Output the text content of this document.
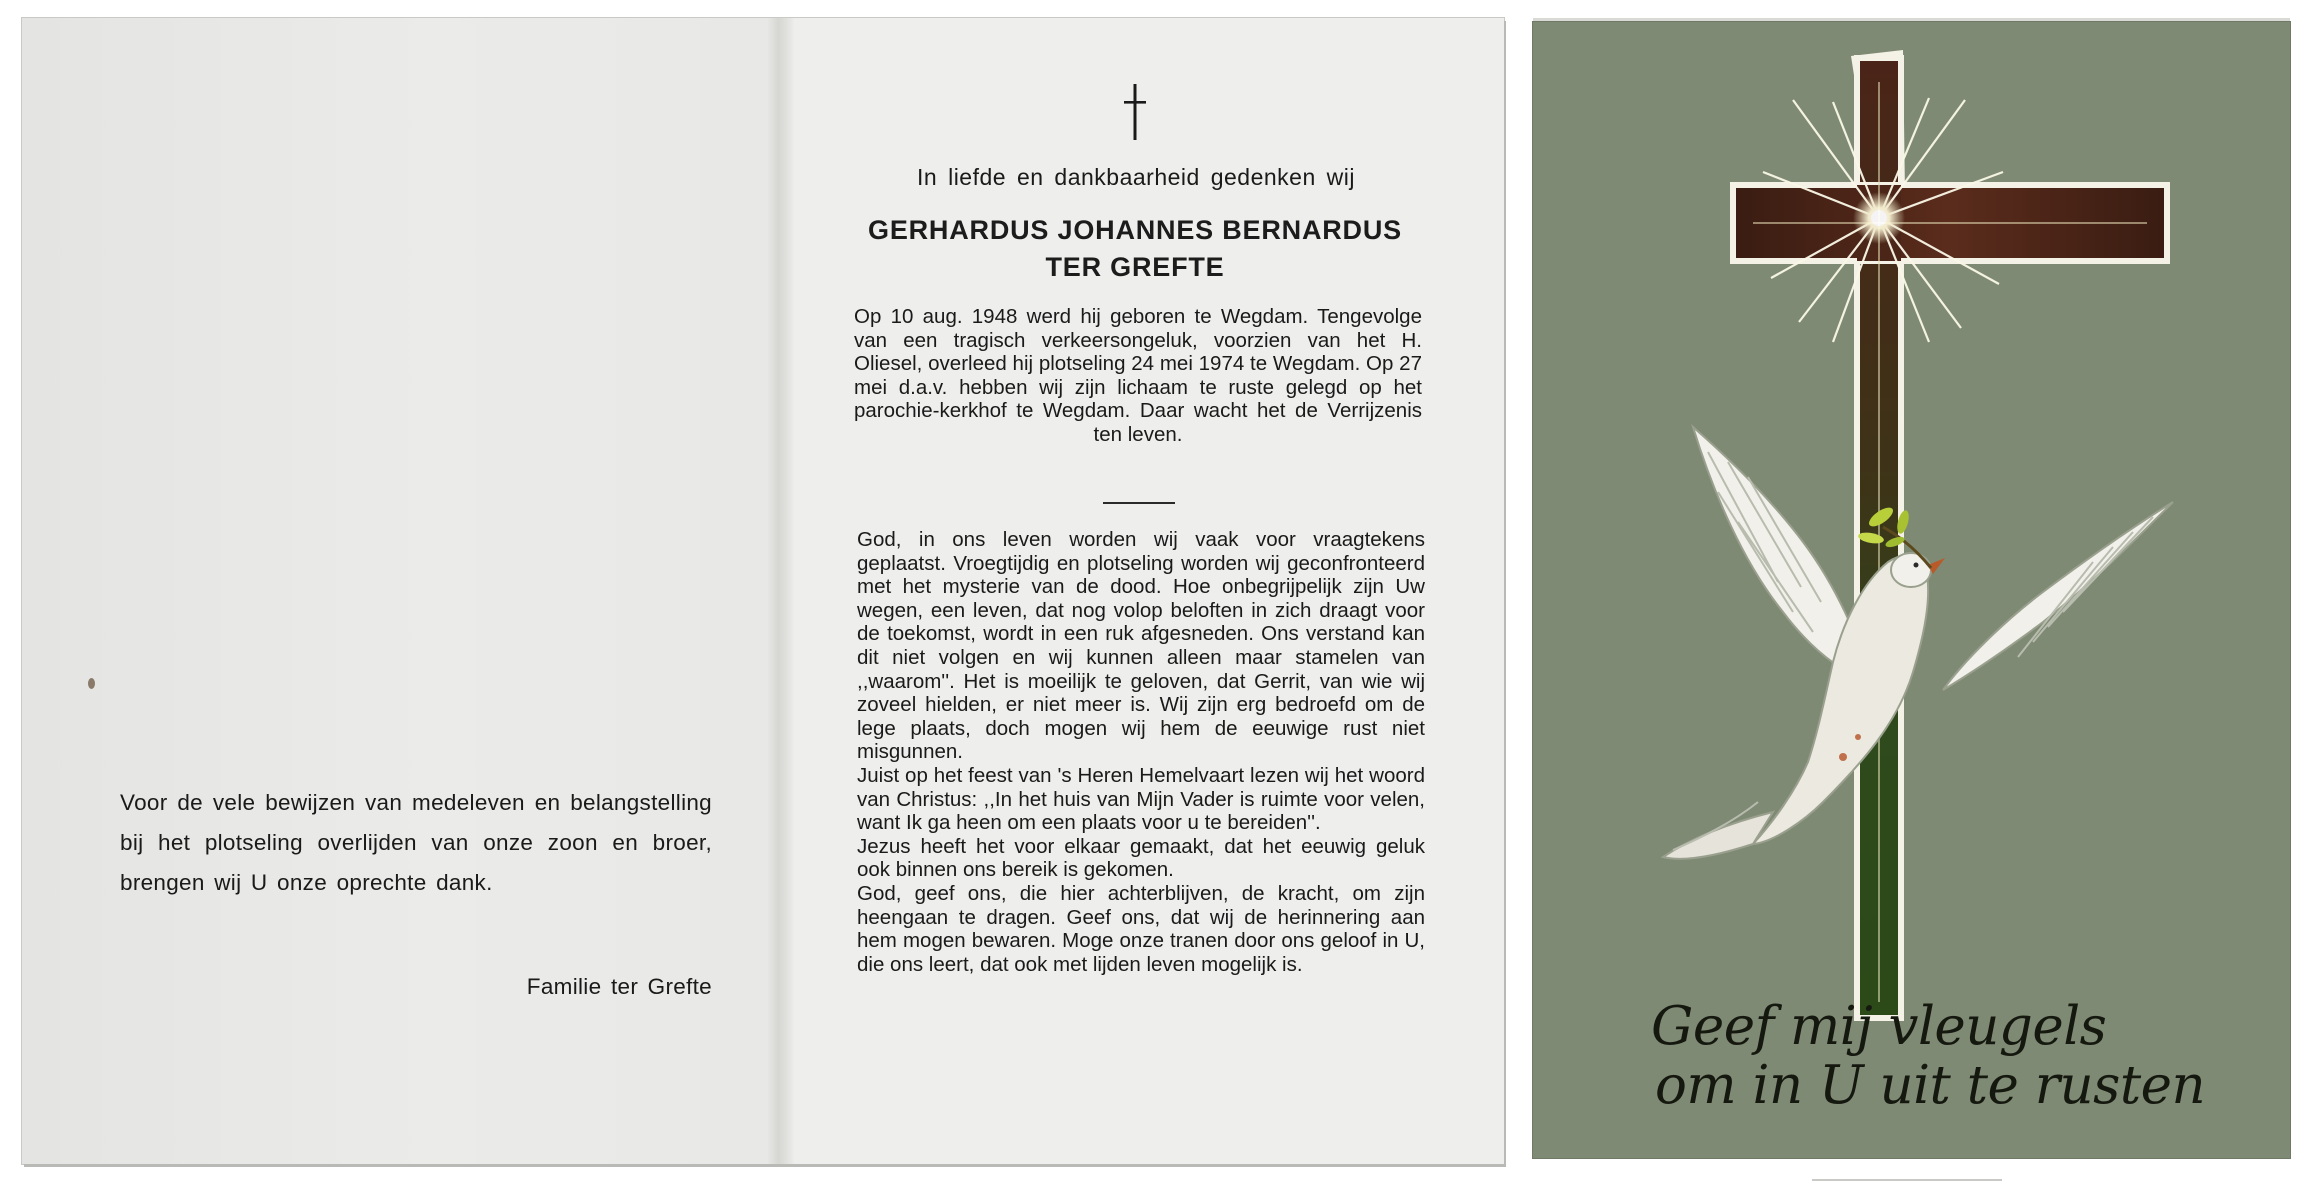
Voor de vele bewijzen van medeleven en belangstelling bij het plotseling overlijden van onze zoon en broer, brengen wij U onze oprechte dank.

Familie ter Grefte
In liefde en dankbaarheid gedenken wij
GERHARDUS JOHANNES BERNARDUS
TER GREFTE

Op 10 aug. 1948 werd hij geboren te Wegdam. Tengevolge van een tragisch verkeersongeluk, voorzien van het H. Oliesel, overleed hij plotseling 24 mei 1974 te Wegdam. Op 27 mei d.a.v. hebben wij zijn lichaam te ruste gelegd op het parochie-kerkhof te Wegdam. Daar wacht het de Verrijzenis ten leven.

God, in ons leven worden wij vaak voor vraagtekens geplaatst. Vroegtijdig en plotseling worden wij geconfronteerd met het mysterie van de dood. Hoe onbegrijpelijk zijn Uw wegen, een leven, dat nog volop beloften in zich draagt voor de toekomst, wordt in een ruk afgesneden. Ons verstand kan dit niet volgen en wij kunnen alleen maar stamelen van ,,waarom''. Het is moeilijk te geloven, dat Gerrit, van wie wij zoveel hielden, er niet meer is. Wij zijn erg bedroefd om de lege plaats, doch mogen wij hem de eeuwige rust niet misgunnen.

Juist op het feest van 's Heren Hemelvaart lezen wij het woord van Christus: ,,In het huis van Mijn Vader is ruimte voor velen, want Ik ga heen om een plaats voor u te bereiden''.

Jezus heeft het voor elkaar gemaakt, dat het eeuwig geluk ook binnen ons bereik is gekomen.

God, geef ons, die hier achterblijven, de kracht, om zijn heengaan te dragen. Geef ons, dat wij de herinnering aan hem mogen bewaren. Moge onze tranen door ons geloof in U, die ons leert, dat ook met lijden leven mogelijk is.

Geef mij vleugels
om in U uit te rusten
